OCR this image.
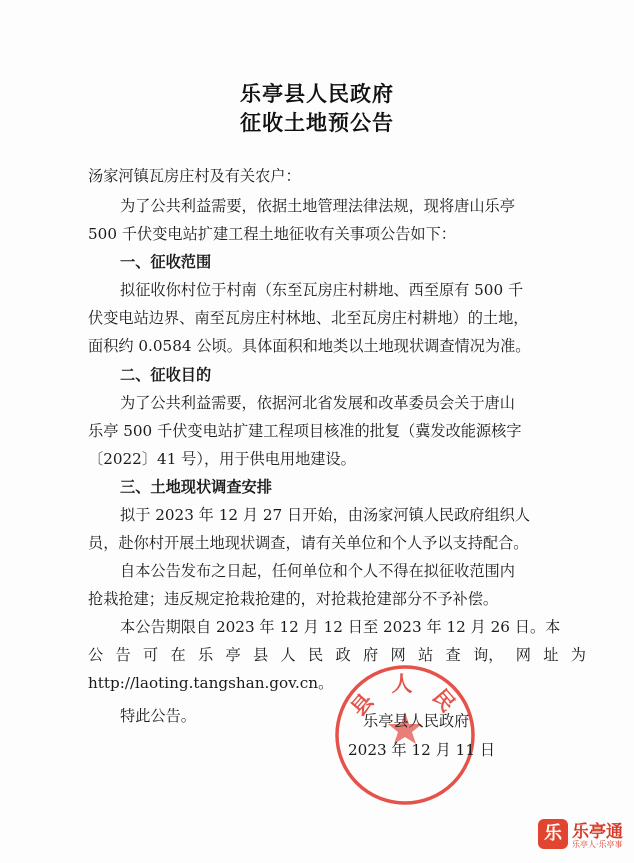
乐亭县人民政府
征收土地预公告
汤家河镇瓦房庄村及有关农户：
为了公共利益需要，依据土地管理法律法规，现将唐山乐亭
500 千伏变电站扩建工程土地征收有关事项公告如下：
一、征收范围
拟征收你村位于村南（东至瓦房庄村耕地、西至原有 500 千
伏变电站边界、南至瓦房庄村林地、北至瓦房庄村耕地）的土地，
面积约 0.0584 公顷。具体面积和地类以土地现状调查情况为准。
二、征收目的
为了公共利益需要，依据河北省发展和改革委员会关于唐山
乐亭 500 千伏变电站扩建工程项目核准的批复（冀发改能源核字
〔2022〕41 号），用于供电用地建设。
三、土地现状调查安排
拟于 2023 年 12 月 27 日开始，由汤家河镇人民政府组织人
员，赴你村开展土地现状调查，请有关单位和个人予以支持配合。
自本公告发布之日起，任何单位和个人不得在拟征收范围内
抢栽抢建；违反规定抢栽抢建的，对抢栽抢建部分不予补偿。
本公告期限自 2023 年 12 月 12 日至 2023 年 12 月 26 日。本
公 告 可 在 乐 亭 县 人 民 政 府 网 站 查 询， 网 址 为
http://laoting.tangshan.gov.cn。
特此公告。	县 人 民
乐亭县人民政府
2023 年 12 月 11 日
乐 乐亭通
乐亭人·乐亭事
